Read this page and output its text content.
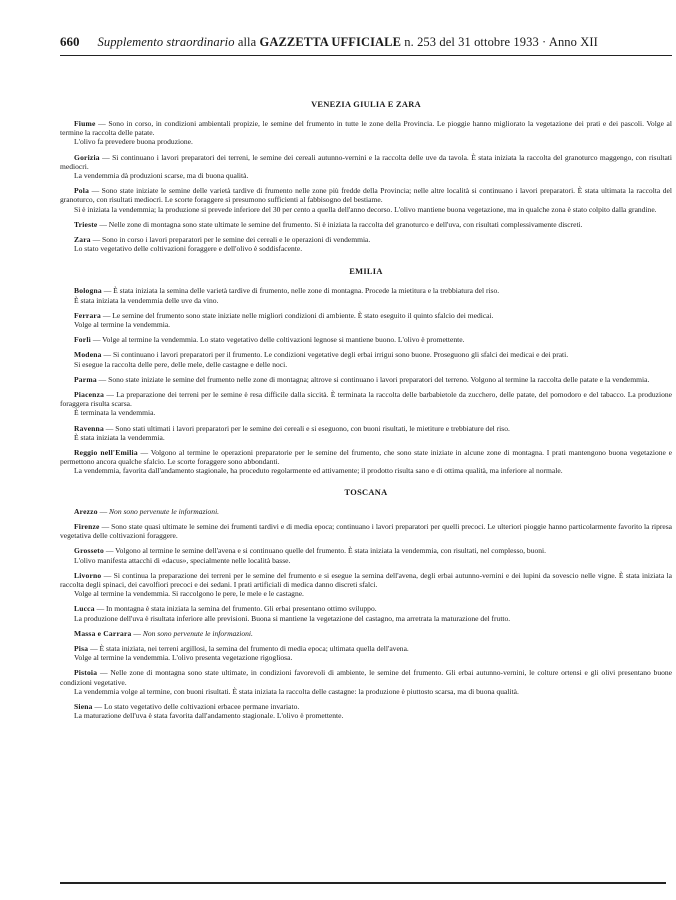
660 Supplemento straordinario alla GAZZETTA UFFICIALE n. 253 del 31 ottobre 1933 · Anno XII
VENEZIA GIULIA E ZARA

Fiume — Sono in corso, in condizioni ambientali propizie, le semine del frumento in tutte le zone della Provincia. Le pioggie hanno migliorato la vegetazione dei prati e dei pascoli. Volge al termine la raccolta delle patate.

L'olivo fa prevedere buona produzione.

Gorizia — Si continuano i lavori preparatori dei terreni, le semine dei cereali autunno-vernini e la raccolta delle uve da tavola. È stata iniziata la raccolta del granoturco maggengo, con risultati mediocri.

La vendemmia dà produzioni scarse, ma di buona qualità.

Pola — Sono state iniziate le semine delle varietà tardive di frumento nelle zone più fredde della Provincia; nelle altre località si continuano i lavori preparatori. È stata ultimata la raccolta del granoturco, con risultati mediocri. Le scorte foraggere si presumono sufficienti al fabbisogno del bestiame.

Si è iniziata la vendemmia; la produzione si prevede inferiore del 30 per cento a quella dell'anno decorso. L'olivo mantiene buona vegetazione, ma in qualche zona è stato colpito dalla grandine.

Trieste — Nelle zone di montagna sono state ultimate le semine del frumento. Si è iniziata la raccolta del granoturco e dell'uva, con risultati complessivamente discreti.

Zara — Sono in corso i lavori preparatori per le semine dei cereali e le operazioni di vendemmia.

Lo stato vegetativo delle coltivazioni foraggere e dell'olivo è soddisfacente.

EMILIA

Bologna — È stata iniziata la semina delle varietà tardive di frumento, nelle zone di montagna. Procede la mietitura e la trebbiatura del riso.

È stata iniziata la vendemmia delle uve da vino.

Ferrara — Le semine del frumento sono state iniziate nelle migliori condizioni di ambiente. È stato eseguito il quinto sfalcio dei medicai.

Volge al termine la vendemmia.

Forlì — Volge al termine la vendemmia. Lo stato vegetativo delle coltivazioni legnose si mantiene buono. L'olivo è promettente.

Modena — Si continuano i lavori preparatori per il frumento. Le condizioni vegetative degli erbai irrigui sono buone. Proseguono gli sfalci dei medicai e dei prati.

Si esegue la raccolta delle pere, delle mele, delle castagne e delle noci.

Parma — Sono state iniziate le semine del frumento nelle zone di montagna; altrove si continuano i lavori preparatori del terreno. Volgono al termine la raccolta delle patate e la vendemmia.

Piacenza — La preparazione dei terreni per le semine è resa difficile dalla siccità. È terminata la raccolta delle barbabietole da zucchero, delle patate, del pomodoro e del tabacco. La produzione foraggera risulta scarsa.

È terminata la vendemmia.

Ravenna — Sono stati ultimati i lavori preparatori per le semine dei cereali e si eseguono, con buoni risultati, le mietiture e trebbiature del riso.

È stata iniziata la vendemmia.

Reggio nell'Emilia — Volgono al termine le operazioni preparatorie per le semine del frumento, che sono state iniziate in alcune zone di montagna. I prati mantengono buona vegetazione e permettono ancora qualche sfalcio. Le scorte foraggere sono abbondanti.

La vendemmia, favorita dall'andamento stagionale, ha proceduto regolarmente ed attivamente; il prodotto risulta sano e di ottima qualità, ma inferiore al normale.

TOSCANA

Arezzo — Non sono pervenute le informazioni.

Firenze — Sono state quasi ultimate le semine dei frumenti tardivi e di media epoca; continuano i lavori preparatori per quelli precoci. Le ulteriori pioggie hanno particolarmente favorito la ripresa vegetativa delle coltivazioni foraggere.

Grosseto — Volgono al termine le semine dell'avena e si continuano quelle del frumento. È stata iniziata la vendemmia, con risultati, nel complesso, buoni.

L'olivo manifesta attacchi di «dacus», specialmente nelle località basse.

Livorno — Si continua la preparazione dei terreni per le semine del frumento e si esegue la semina dell'avena, degli erbai autunno-vernini e dei lupini da sovescio nelle vigne. È stata iniziata la raccolta degli spinaci, dei cavolfiori precoci e dei sedani. I prati artificiali di medica danno discreti sfalci.

Volge al termine la vendemmia. Si raccolgono le pere, le mele e le castagne.

Lucca — In montagna è stata iniziata la semina del frumento. Gli erbai presentano ottimo sviluppo.

La produzione dell'uva è risultata inferiore alle previsioni. Buona si mantiene la vegetazione del castagno, ma arretrata la maturazione del frutto.

Massa e Carrara — Non sono pervenute le informazioni.

Pisa — È stata iniziata, nei terreni argillosi, la semina del frumento di media epoca; ultimata quella dell'avena.

Volge al termine la vendemmia. L'olivo presenta vegetazione rigogliosa.

Pistoia — Nelle zone di montagna sono state ultimate, in condizioni favorevoli di ambiente, le semine del frumento. Gli erbai autunno-vernini, le colture ortensi e gli olivi presentano buone condizioni vegetative.

La vendemmia volge al termine, con buoni risultati. È stata iniziata la raccolta delle castagne: la produzione è piuttosto scarsa, ma di buona qualità.

Siena — Lo stato vegetativo delle coltivazioni erbacee permane invariato.

La maturazione dell'uva è stata favorita dall'andamento stagionale. L'olivo è promettente.
